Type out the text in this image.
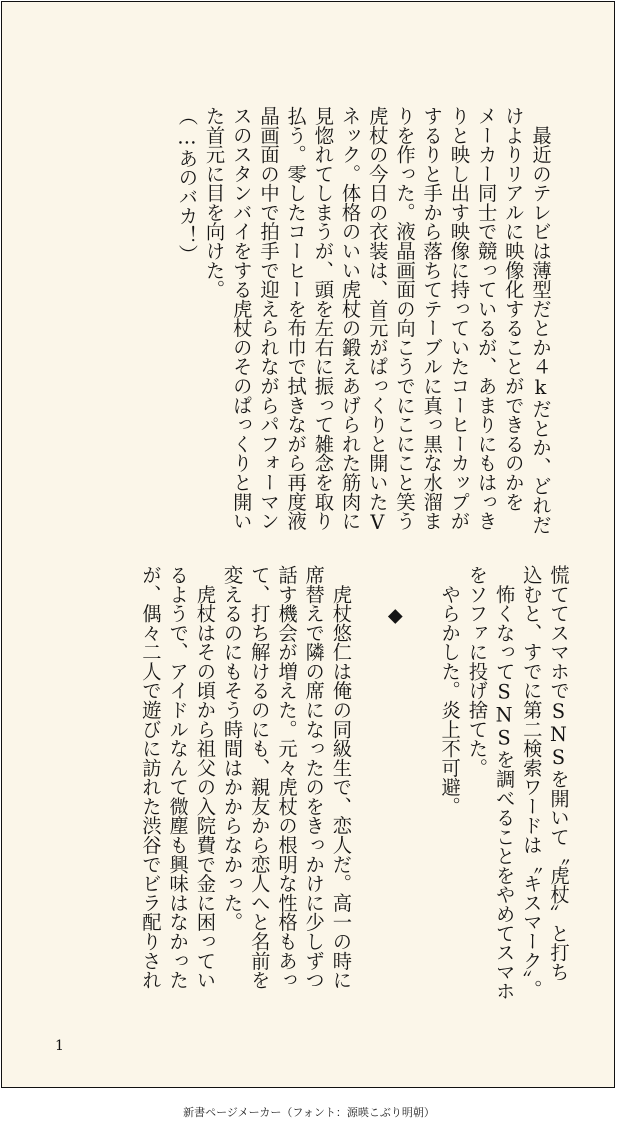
　最近のテレビは薄型だとか４kだとか、どれだ
けよりリアルに映像化することができるのかを
メーカー同士で競っているが、あまりにもはっき
りと映し出す映像に持っていたコーヒーカップが
するりと手から落ちてテーブルに真っ黒な水溜ま
りを作った。液晶画面の向こうでにこにこと笑う
虎杖の今日の衣装は、首元がぱっくりと開いたV
ネック。体格のいい虎杖の鍛えあげられた筋肉に
見惚れてしまうが、頭を左右に振って雑念を取り
払う。零したコーヒーを布巾で拭きながら再度液
晶画面の中で拍手で迎えられながらパフォーマン
スのスタンバイをする虎杖のそのぱっくりと開い
た首元に目を向けた。
（…あのバカ！）
慌ててスマホでSNSを開いて〝虎杖〟と打ち
込むと、すでに第二検索ワードは〝キスマーク〟。
　怖くなってSNSを調べることをやめてスマホ
をソファに投げ捨てた。
　やらかした。炎上不可避。

　　◆

　虎杖悠仁は俺の同級生で、恋人だ。高一の時に
席替えで隣の席になったのをきっかけに少しずつ
話す機会が増えた。元々虎杖の根明な性格もあっ
て、打ち解けるのにも、親友から恋人へと名前を
変えるのにもそう時間はかからなかった。
　虎杖はその頃から祖父の入院費で金に困ってい
るようで、アイドルなんて微塵も興味はなかった
が、偶々二人で遊びに訪れた渋谷でビラ配りされ
1
新書ページメーカー（フォント：源暎こぶり明朝）
